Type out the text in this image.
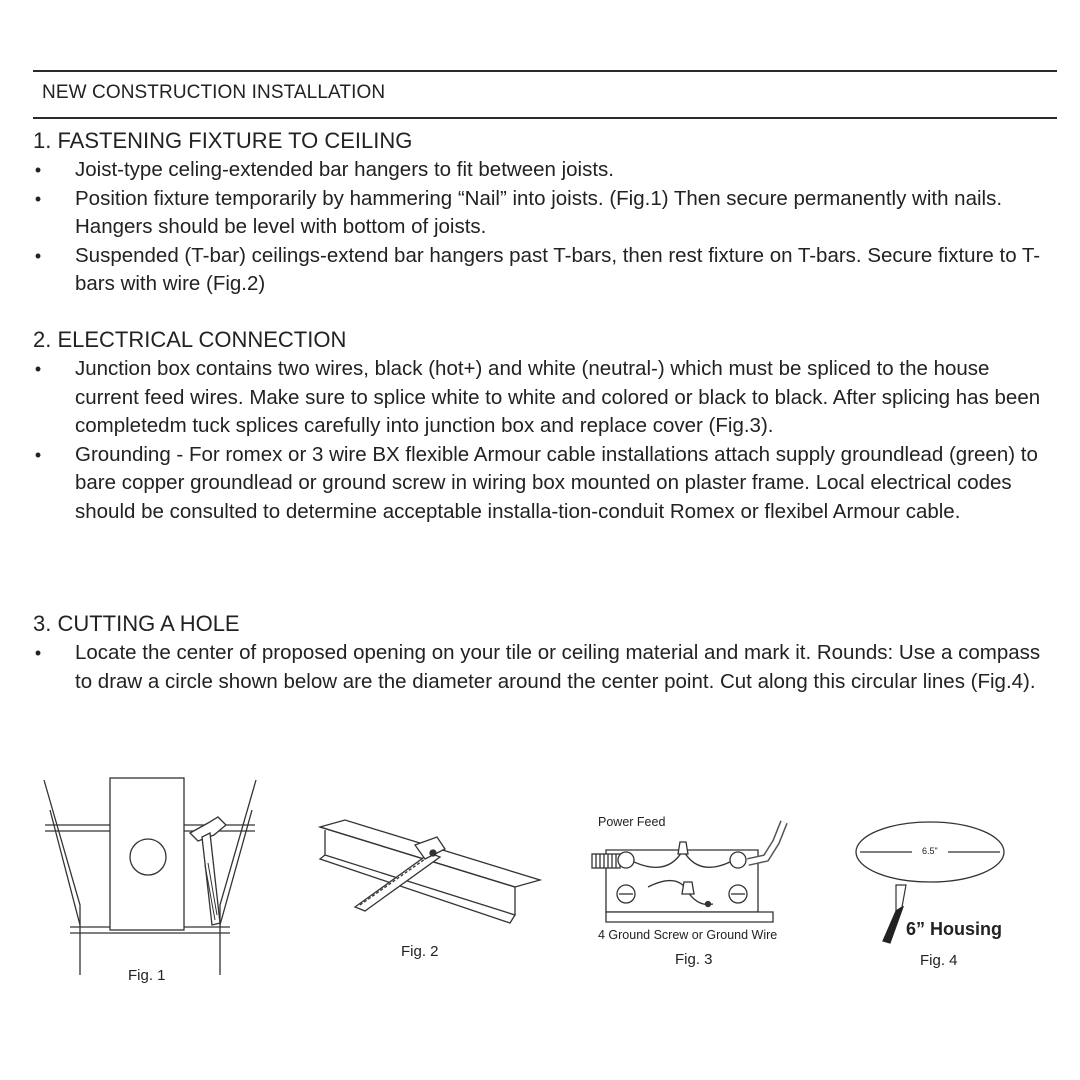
NEW CONSTRUCTION INSTALLATION
1. FASTENING FIXTURE TO CEILING
• Joist-type celing-extended bar hangers to fit between joists.
• Position fixture temporarily by hammering “Nail” into joists. (Fig.1) Then secure permanently with nails. Hangers should be level with bottom of joists.
• Suspended (T-bar) ceilings-extend bar hangers past T-bars, then rest fixture on T-bars. Secure fixture to T-bars with wire (Fig.2)
2. ELECTRICAL CONNECTION
• Junction box contains two wires, black (hot+) and white (neutral-) which must be spliced to the house current feed wires. Make sure to splice white to white and colored or black to black. After splicing has been completedm tuck splices carefully into junction box and replace cover (Fig.3).
• Grounding - For romex or 3 wire BX flexible Armour cable installations attach supply groundlead (green) to bare copper groundlead or ground screw in wiring box mounted on plaster frame. Local electrical codes should be consulted to determine acceptable installa-tion-conduit Romex or flexibel Armour cable.
3. CUTTING A HOLE
• Locate the center of proposed opening on your tile or ceiling material and mark it. Rounds: Use a compass to draw a circle shown below are the diameter around the center point. Cut along this circular lines (Fig.4).
Fig. 1
Fig. 2
Power Feed
4 Ground Screw or Ground Wire
Fig. 3
6.5"
6” Housing
Fig. 4
